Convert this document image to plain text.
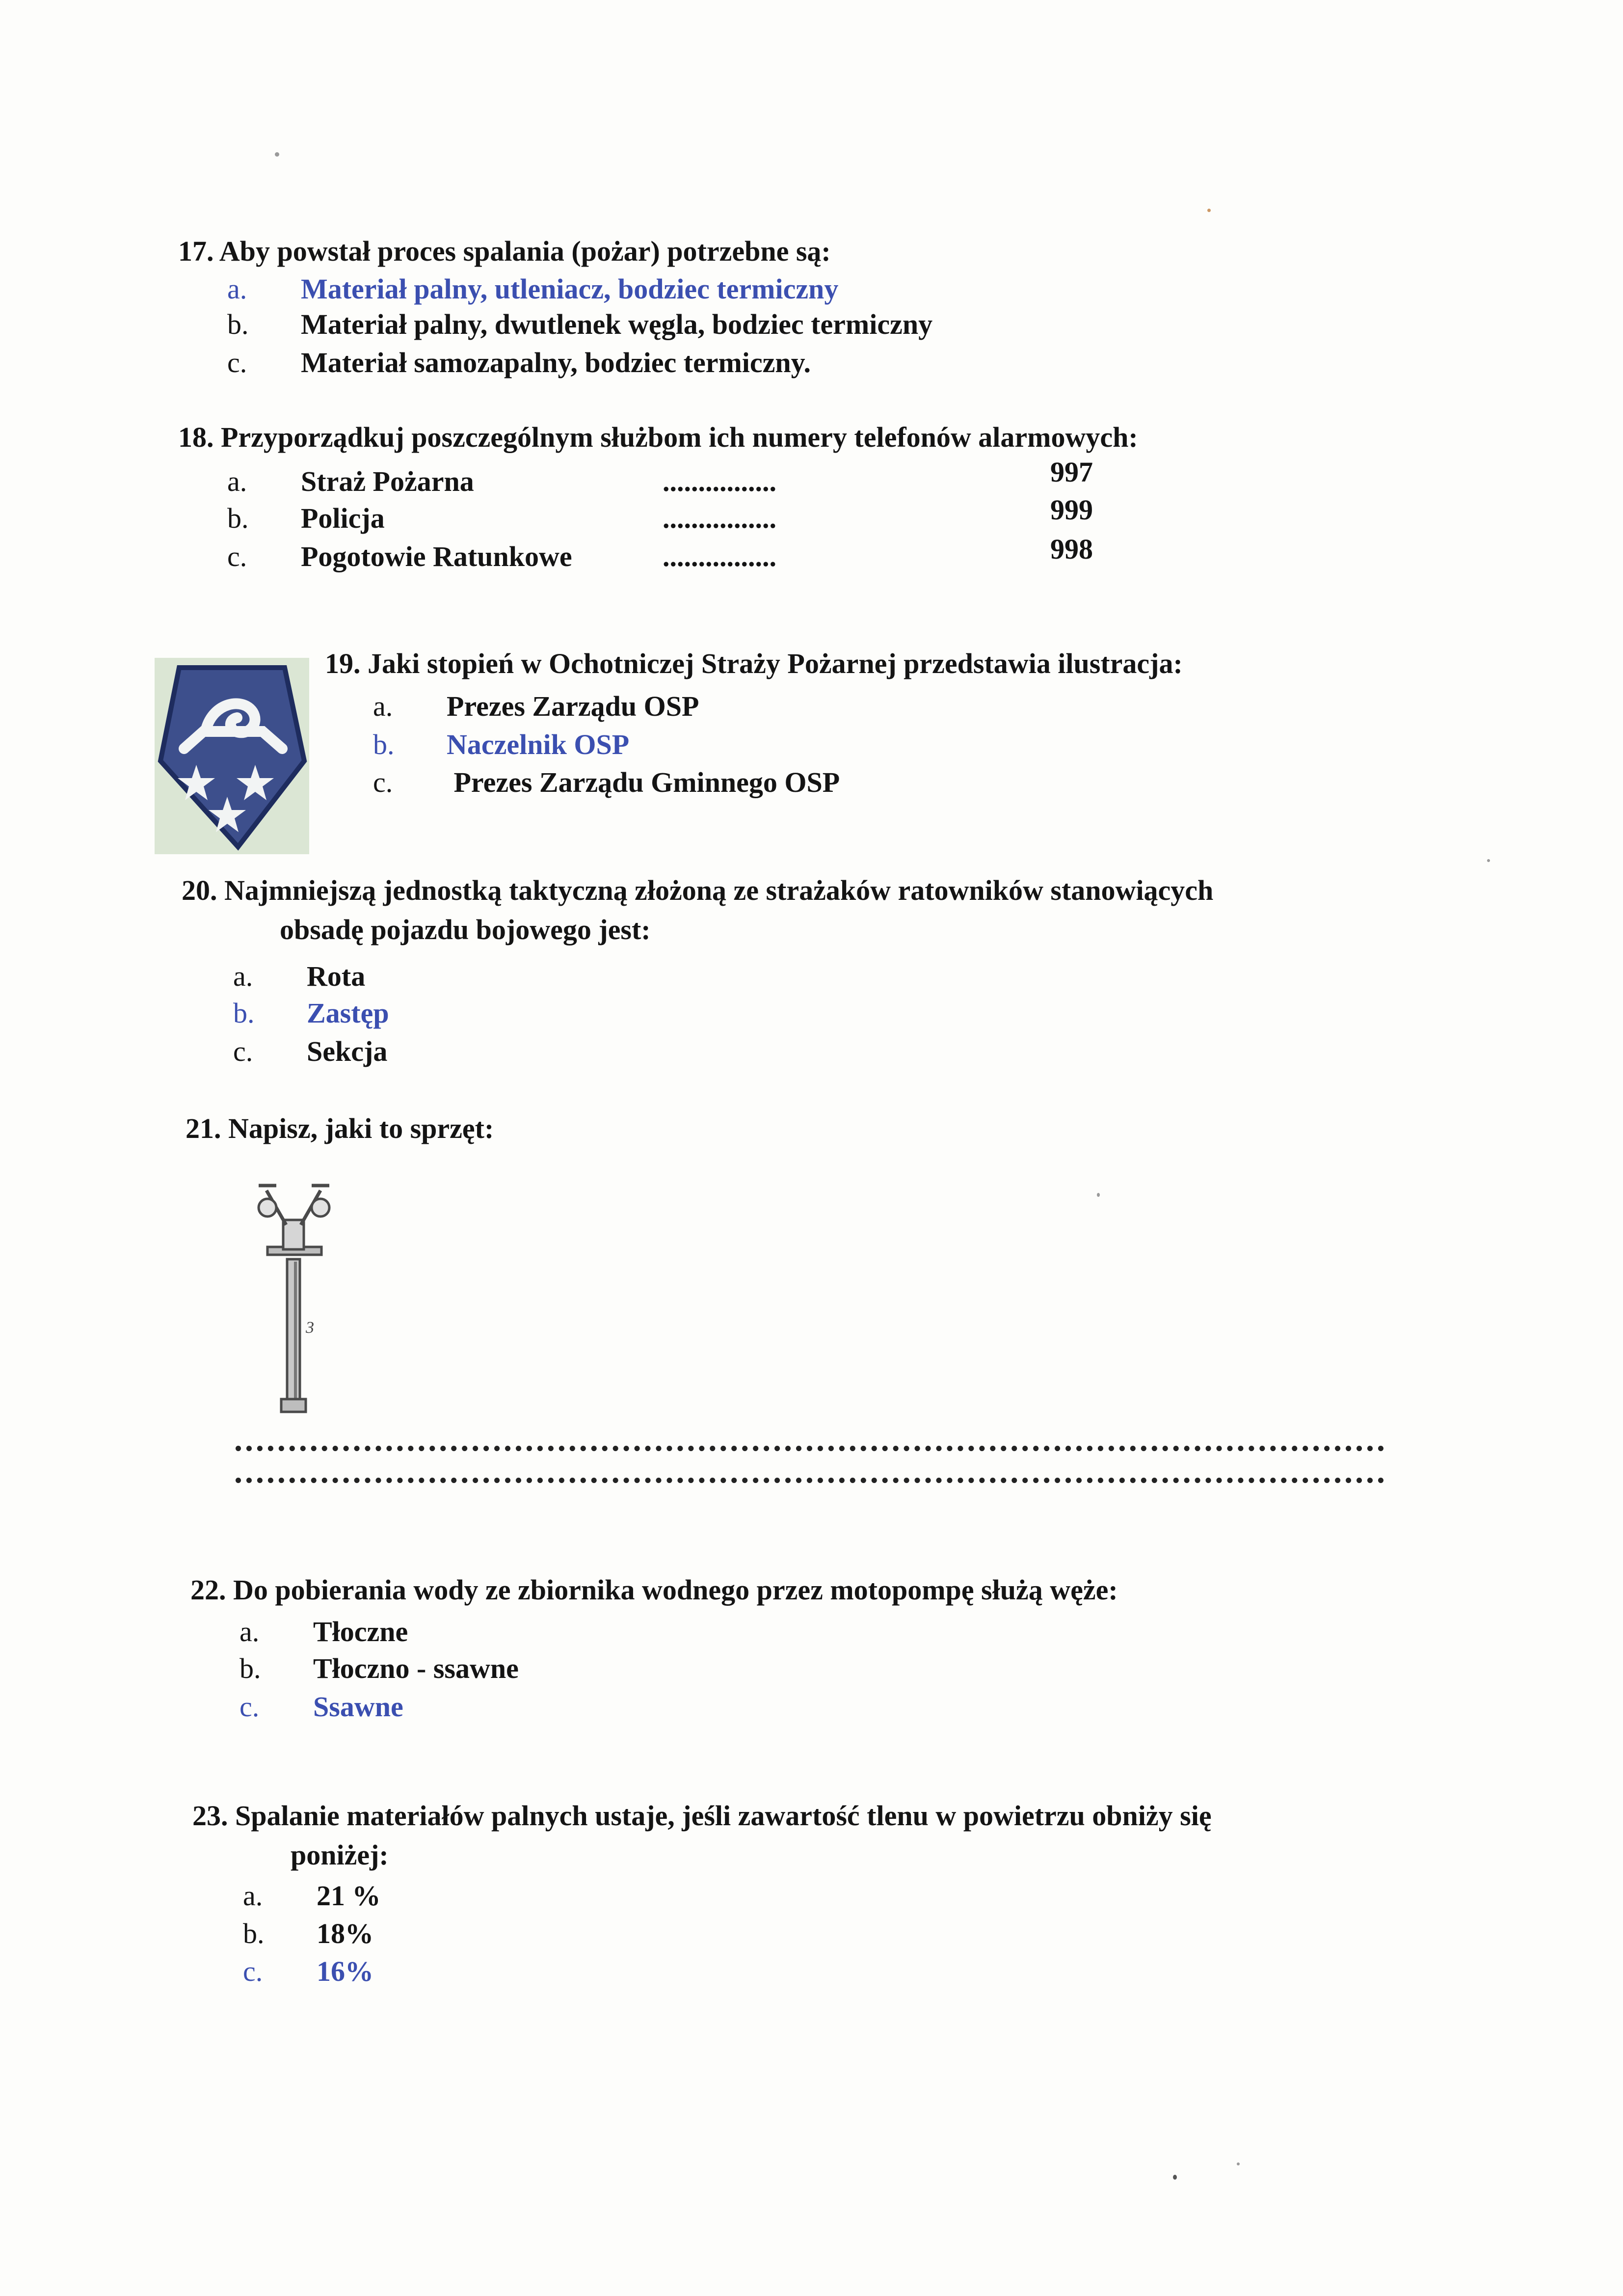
17. Aby powstał proces spalania (pożar) potrzebne są:
a. Materiał palny, utleniacz, bodziec termiczny
b. Materiał palny, dwutlenek węgla, bodziec termiczny
c. Materiał samozapalny, bodziec termiczny.
18. Przyporządkuj poszczególnym służbom ich numery telefonów alarmowych:
a. Straż Pożarna	................	997
b. Policja	................	999
c. Pogotowie Ratunkowe	................	998
19. Jaki stopień w Ochotniczej Straży Pożarnej przedstawia ilustracja:
a. Prezes Zarządu OSP
b. Naczelnik OSP
c. Prezes Zarządu Gminnego OSP
20. Najmniejszą jednostką taktyczną złożoną ze strażaków ratowników stanowiących
obsadę pojazdu bojowego jest:
a. Rota
b. Zastęp
c. Sekcja
21. Napisz, jaki to sprzęt:
3
22. Do pobierania wody ze zbiornika wodnego przez motopompę służą węże:
a. Tłoczne
b. Tłoczno - ssawne
c. Ssawne
23. Spalanie materiałów palnych ustaje, jeśli zawartość tlenu w powietrzu obniży się
poniżej:
a. 21 %
b. 18%
c. 16%
